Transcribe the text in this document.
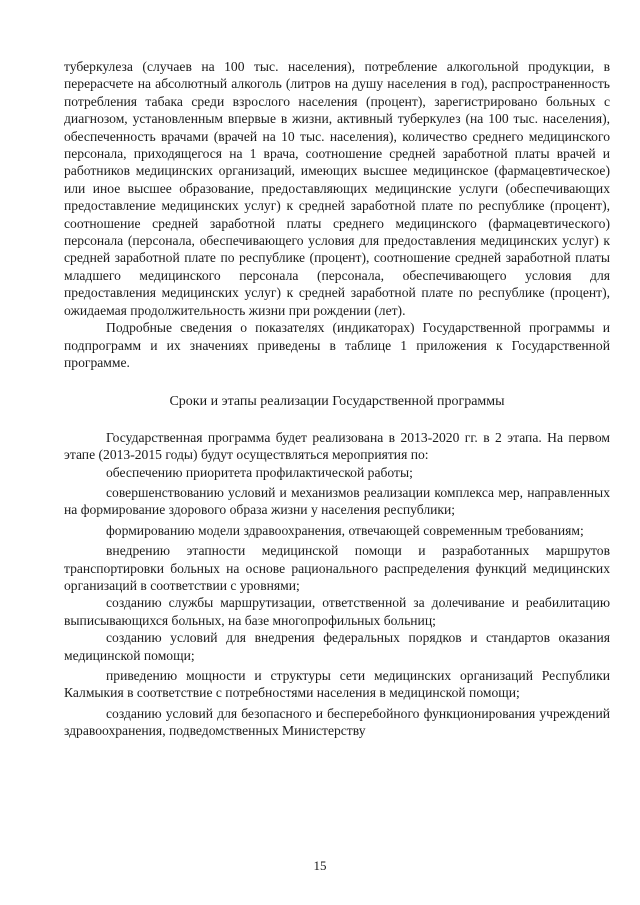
туберкулеза (случаев на 100 тыс. населения), потребление алкогольной продукции, в перерасчете на абсолютный алкоголь (литров на душу населения в год), распространенность потребления табака среди взрослого населения (процент), зарегистрировано больных с диагнозом, установленным впервые в жизни, активный туберкулез (на 100 тыс. населения), обеспеченность врачами (врачей на 10 тыс. населения), количество среднего медицинского персонала, приходящегося на 1 врача, соотношение средней заработной платы врачей и работников медицинских организаций, имеющих высшее медицинское (фармацевтическое) или иное высшее образование, предоставляющих медицинские услуги (обеспечивающих предоставление медицинских услуг) к средней заработной плате по республике (процент), соотношение средней заработной платы среднего медицинского (фармацевтического) персонала (персонала, обеспечивающего условия для предоставления медицинских услуг) к средней заработной плате по республике (процент), соотношение средней заработной платы младшего медицинского персонала (персонала, обеспечивающего условия для предоставления медицинских услуг) к средней заработной плате по республике (процент), ожидаемая продолжительность жизни при рождении (лет).

Подробные сведения о показателях (индикаторах) Государственной программы и подпрограмм и их значениях приведены в таблице 1 приложения к Государственной программе.

Сроки и этапы реализации Государственной программы

Государственная программа будет реализована в 2013-2020 гг. в 2 этапа. На первом этапе (2013-2015 годы) будут осуществляться мероприятия по:

обеспечению приоритета профилактической работы;

совершенствованию условий и механизмов реализации комплекса мер, направленных на формирование здорового образа жизни у населения республики;

формированию модели здравоохранения, отвечающей современным требованиям;

внедрению этапности медицинской помощи и разработанных маршрутов транспортировки больных на основе рационального распределения функций медицинских организаций в соответствии с уровнями;

созданию службы маршрутизации, ответственной за долечивание и реабилитацию выписывающихся больных, на базе многопрофильных больниц;

созданию условий для внедрения федеральных порядков и стандартов оказания медицинской помощи;

приведению мощности и структуры сети медицинских организаций Республики Калмыкия в соответствие с потребностями населения в медицинской помощи;

созданию условий для безопасного и бесперебойного функционирования учреждений здравоохранения, подведомственных Министерству

15
